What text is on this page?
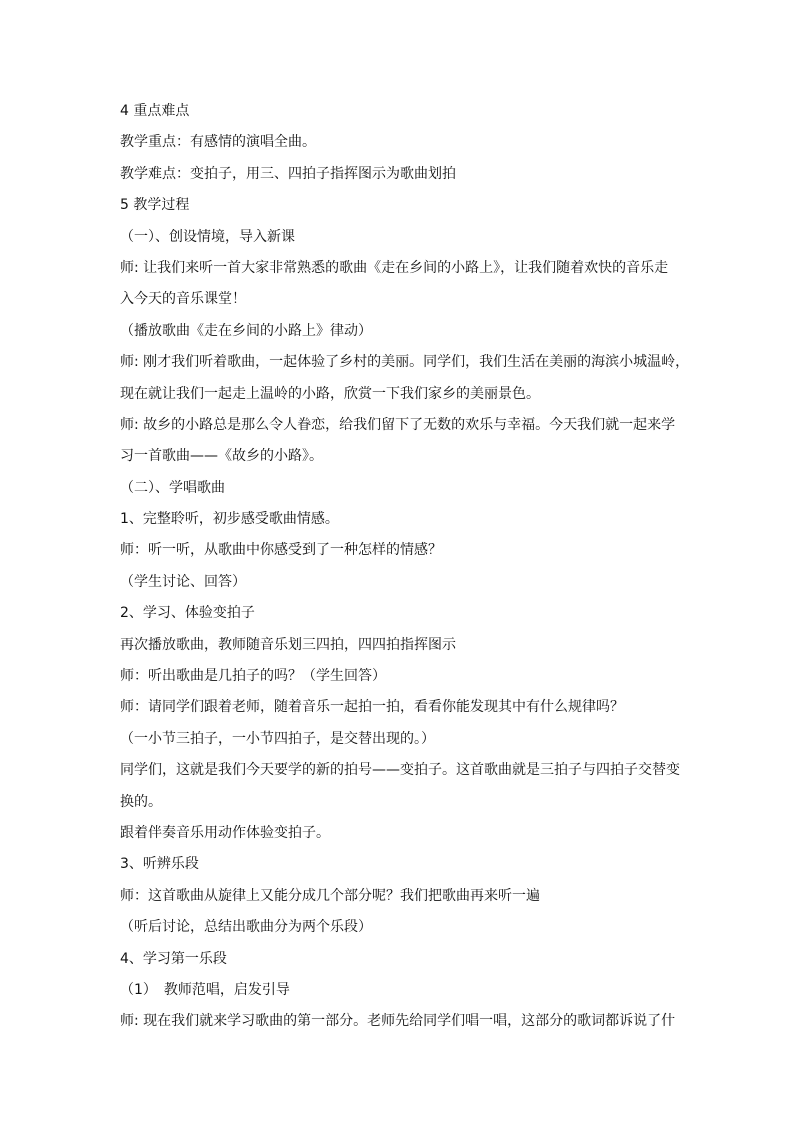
4 重点难点
教学重点：有感情的演唱全曲。
教学难点：变拍子，用三、四拍子指挥图示为歌曲划拍
5 教学过程
（一）、创设情境，导入新课
师: 让我们来听一首大家非常熟悉的歌曲《走在乡间的小路上》，让我们随着欢快的音乐走
入今天的音乐课堂！
（播放歌曲《走在乡间的小路上》律动）
师: 刚才我们听着歌曲，一起体验了乡村的美丽。同学们，我们生活在美丽的海滨小城温岭，
现在就让我们一起走上温岭的小路，欣赏一下我们家乡的美丽景色。
师: 故乡的小路总是那么令人眷恋，给我们留下了无数的欢乐与幸福。今天我们就一起来学
习一首歌曲——《故乡的小路》。
（二）、学唱歌曲
1、完整聆听，初步感受歌曲情感。
师：听一听，从歌曲中你感受到了一种怎样的情感？
（学生讨论、回答）
2、学习、体验变拍子
再次播放歌曲，教师随音乐划三四拍，四四拍指挥图示
师：听出歌曲是几拍子的吗？（学生回答）
师：请同学们跟着老师，随着音乐一起拍一拍，看看你能发现其中有什么规律吗？
（一小节三拍子，一小节四拍子，是交替出现的。）
同学们，这就是我们今天要学的新的拍号——变拍子。这首歌曲就是三拍子与四拍子交替变
换的。
跟着伴奏音乐用动作体验变拍子。
3、听辨乐段
师：这首歌曲从旋律上又能分成几个部分呢？我们把歌曲再来听一遍
（听后讨论，总结出歌曲分为两个乐段）
4、学习第一乐段
（1）　教师范唱，启发引导
师: 现在我们就来学习歌曲的第一部分。老师先给同学们唱一唱，这部分的歌词都诉说了什
